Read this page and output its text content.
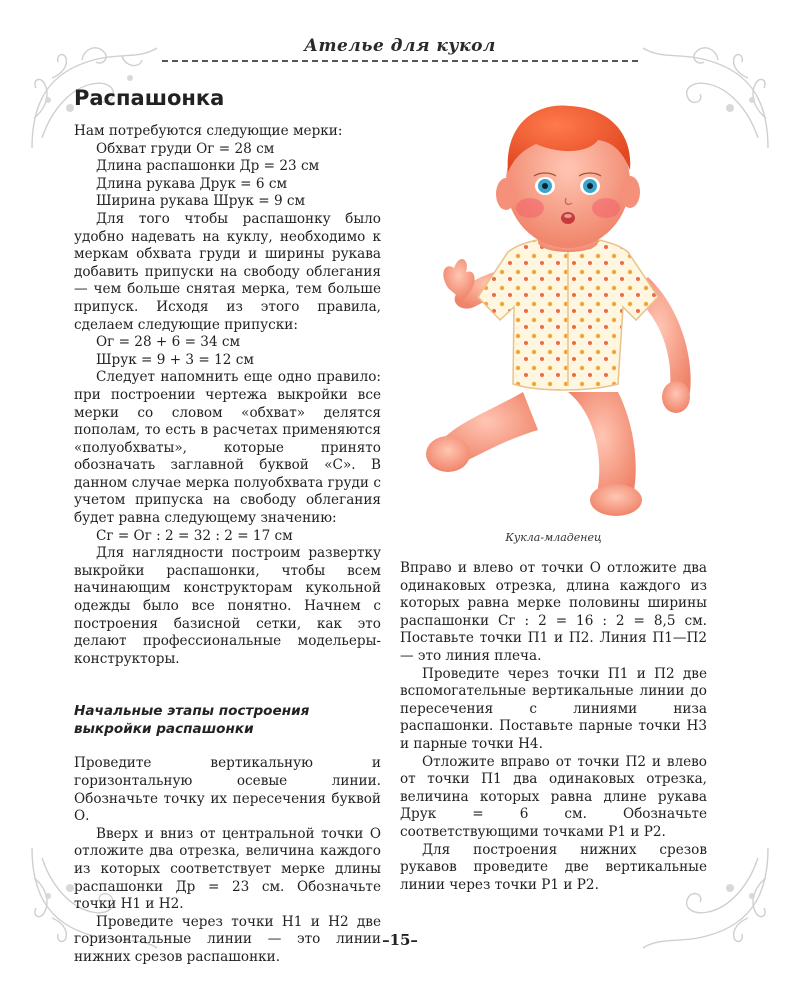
Ателье для кукол
Распашонка

Нам потребуются следующие мерки:

Обхват груди Ог = 28 см

Длина распашонки Др = 23 см

Длина рукава Друк = 6 см

Ширина рукава Шрук = 9 см

Для того чтобы распашонку было удобно надевать на куклу, необходимо к меркам обхвата груди и ширины рукава добавить припуски на свободу облегания — чем больше снятая мерка, тем больше припуск. Исходя из этого правила, сделаем следующие припуски:

Ог = 28 + 6 = 34 см

Шрук = 9 + 3 = 12 см

Следует напомнить еще одно правило: при построении чертежа выкройки все мерки со словом «обхват» делятся пополам, то есть в расчетах применяются «полуобхваты», которые принято обозначать заглавной буквой «С». В данном случае мерка полуобхвата груди с учетом припуска на свободу облегания будет равна следующему значению:

Сг = Ог : 2 = 32 : 2 = 17 см

Для наглядности построим развертку выкройки распашонки, чтобы всем начинающим конструкторам кукольной одежды было все понятно. Начнем с построения базисной сетки, как это делают профессиональные модельеры-конструкторы.

Начальные этапы построения выкройки распашонки

Проведите вертикальную и горизонтальную осевые линии. Обозначьте точку их пересечения буквой О.

Вверх и вниз от центральной точки О отложите два отрезка, величина каждого из которых соответствует мерке длины распашонки Др = 23 см. Обозначьте точки Н1 и Н2.

Проведите через точки Н1 и Н2 две горизонтальные линии — это линии нижних срезов распашонки.

Кукла-младенец

Вправо и влево от точки О отложите два одинаковых отрезка, длина каждого из которых равна мерке половины ширины распашонки Сг : 2 = 16 : 2 = 8,5 см. Поставьте точки П1 и П2. Линия П1—П2 — это линия плеча.

Проведите через точки П1 и П2 две вспомогательные вертикальные линии до пересечения с линиями низа распашонки. Поставьте парные точки Н3 и парные точки Н4.

Отложите вправо от точки П2 и влево от точки П1 два одинаковых отрезка, величина которых равна длине рукава Друк = 6 см. Обозначьте соответствующими точками Р1 и Р2.

Для построения нижних срезов рукавов проведите две вертикальные линии через точки Р1 и Р2.

–15–
